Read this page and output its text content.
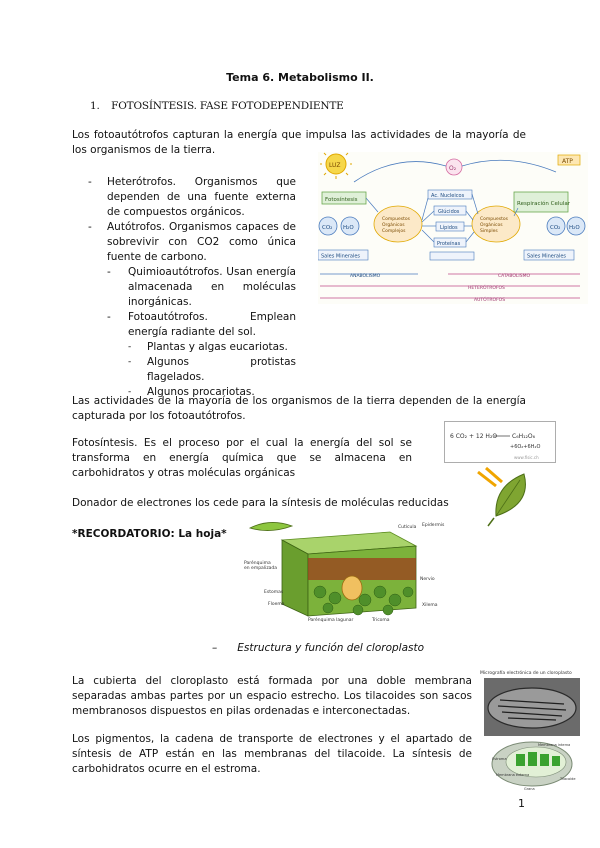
Tema 6. Metabolismo II.
1. FOTOSÍNTESIS. FASE FOTODEPENDIENTE

Los fotoautótrofos capturan la energía que impulsa las actividades de la mayoría de los organismos de la tierra.

- Heterótrofos. Organismos que dependen de una fuente externa de compuestos orgánicos.
- Autótrofos. Organismos capaces de sobrevivir con CO2 como única fuente de carbono.
- Quimioautótrofos. Usan energía almacenada en moléculas inorgánicas.
- Fotoautótrofos. Emplean energía radiante del sol.
- Plantas y algas eucariotas.
- Algunos protistas flagelados.
- Algunos procariotas.
LUZ
ATP
O₂
Fotosíntesis
Respiración Celular
CO₂ H₂O	CO₂ H₂O
Compuestos Orgánicos Complejos
Compuestos Orgánicos Simples
Ac. Nucleicos
Glúcidos
Lípidos
Proteínas
Sales Minerales	Sales Minerales
ANABOLISMO	CATABOLISMO
HETERÓTROFOS
AUTÓTROFOS

Las actividades de la mayoría de los organismos de la tierra dependen de la energía capturada por los fotoautótrofos.

Fotosíntesis. Es el proceso por el cual la energía del sol se transforma en energía química que se almacena en carbohidratos y otras moléculas orgánicas

6 CO₂ + 12 H₂O C₆H₁₂O₆
+6O₂+6H₂O
www.fisic.ch

Donador de electrones los cede para la síntesis de moléculas reducidas

*RECORDATORIO: La hoja*
Parénquima en empalizada
Estomas
Floema
Parénquima lagunar	Tricoma
Epidermis
Cutícula
Nervio
Xilema
–      Estructura y función del cloroplasto

La cubierta del cloroplasto está formada por una doble membrana separadas ambas partes por un espacio estrecho. Los tilacoides son sacos membranosos dispuestos en pilas ordenadas e interconectadas.

Los pigmentos, la cadena de transporte de electrones y el apartado de síntesis de ATP están en las membranas del tilacoide. La síntesis de carbohidratos ocurre en el estroma.

Micrografía electrónica de un cloroplasto
Estroma
Tilacoide
Membrana externa
Grana
Membrana interna
1
